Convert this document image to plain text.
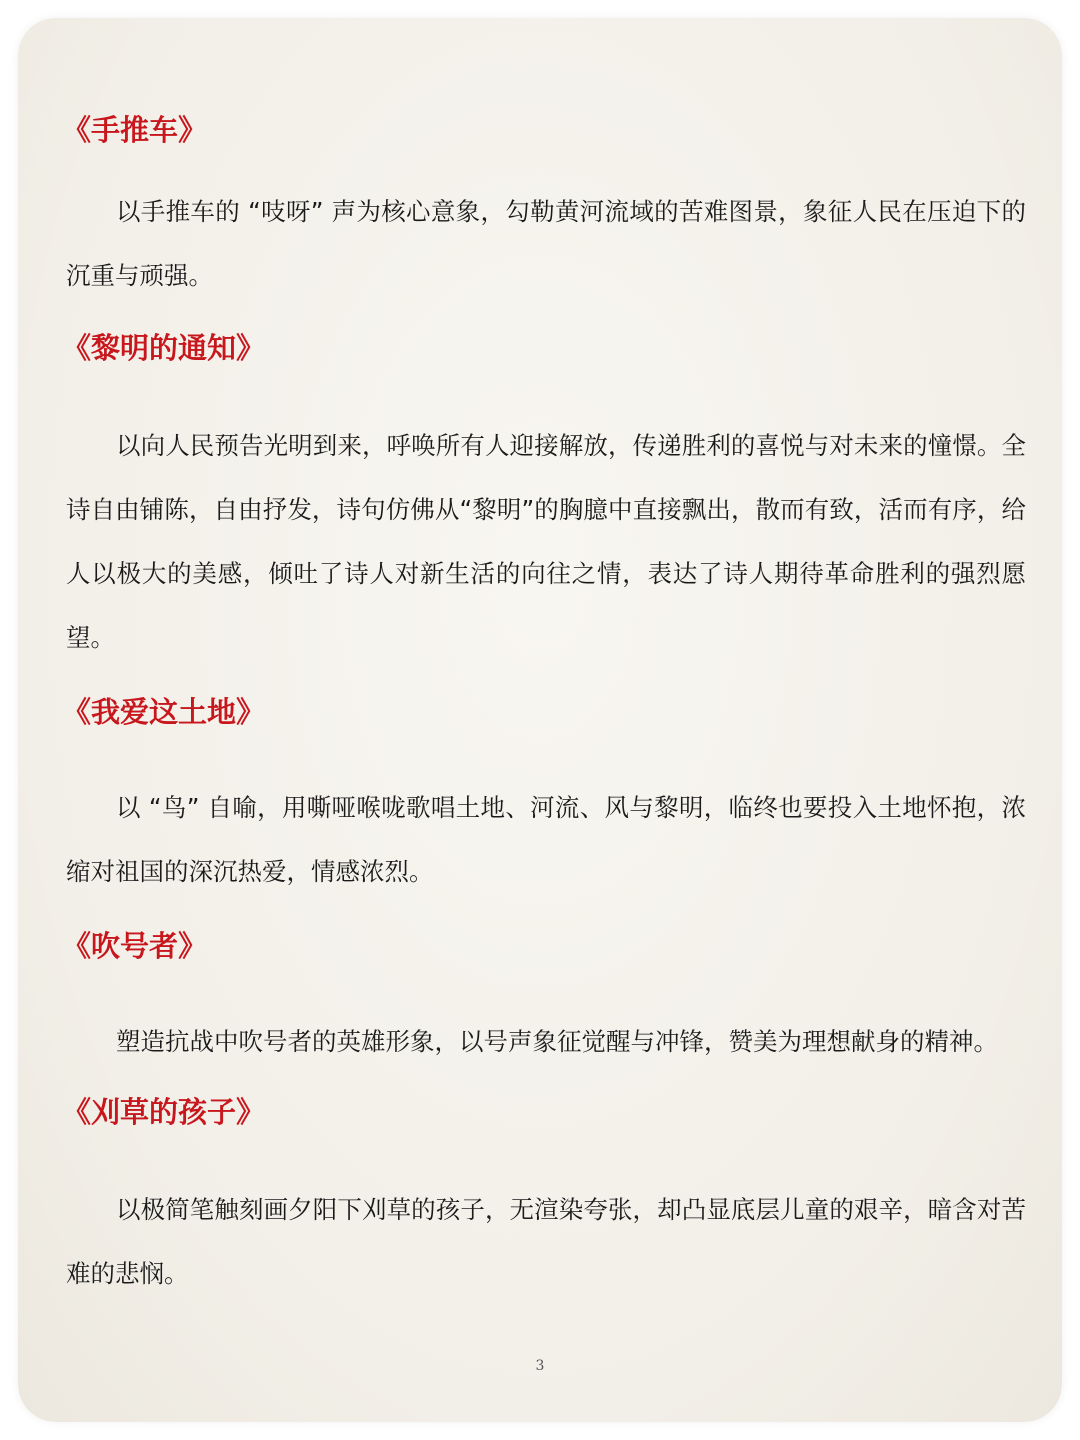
《手推车》

以手推车的 “吱呀” 声为核心意象，勾勒黄河流域的苦难图景，象征人民在压迫下的沉重与顽强。

《黎明的通知》

以向人民预告光明到来，呼唤所有人迎接解放，传递胜利的喜悦与对未来的憧憬。全诗自由铺陈，自由抒发，诗句仿佛从“黎明”的胸臆中直接飘出，散而有致，活而有序，给人以极大的美感，倾吐了诗人对新生活的向往之情，表达了诗人期待革命胜利的强烈愿望。

《我爱这土地》

以 “鸟” 自喻，用嘶哑喉咙歌唱土地、河流、风与黎明，临终也要投入土地怀抱，浓缩对祖国的深沉热爱，情感浓烈。

《吹号者》

塑造抗战中吹号者的英雄形象，以号声象征觉醒与冲锋，赞美为理想献身的精神。

《刈草的孩子》

以极简笔触刻画夕阳下刈草的孩子，无渲染夸张，却凸显底层儿童的艰辛，暗含对苦难的悲悯。

3
